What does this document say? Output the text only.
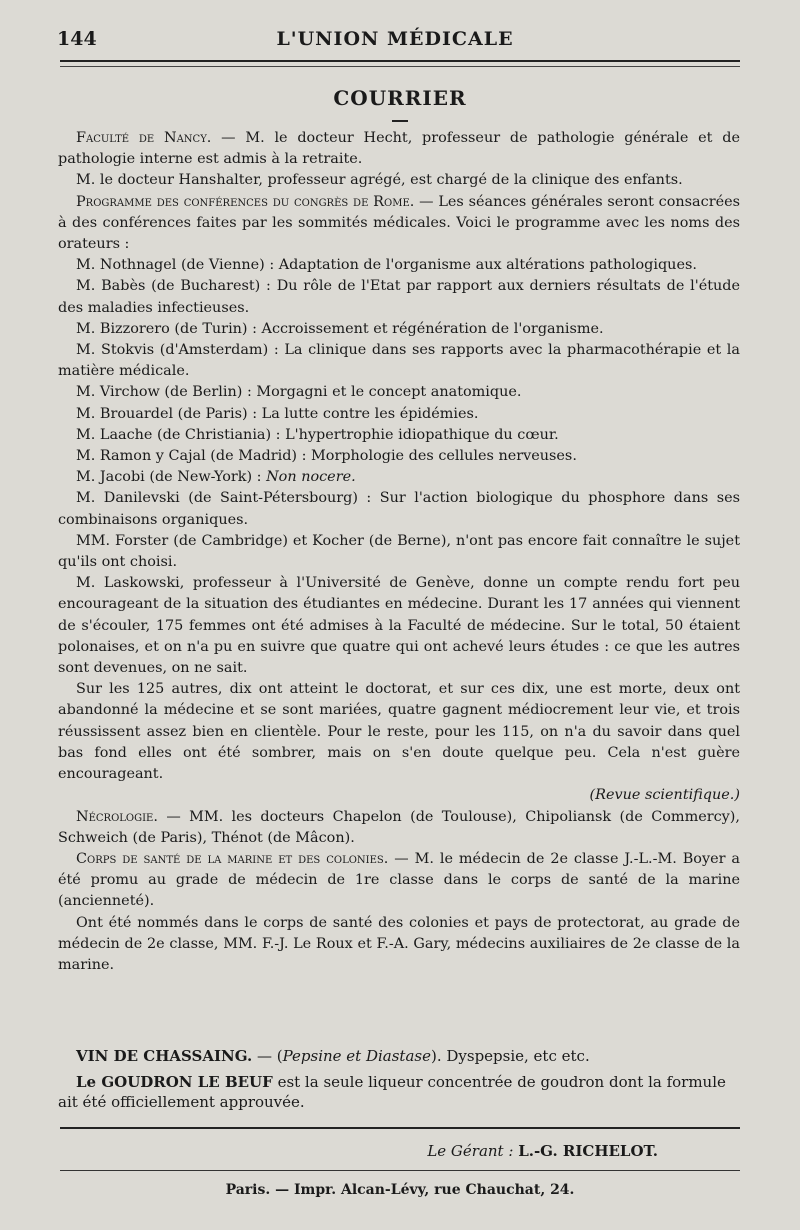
144	L'UNION MÉDICALE
COURRIER

Faculté de Nancy. — M. le docteur Hecht, professeur de pathologie générale et de pathologie interne est admis à la retraite.

M. le docteur Hanshalter, professeur agrégé, est chargé de la clinique des enfants.

Programme des conférences du congrès de Rome. — Les séances générales seront consacrées à des conférences faites par les sommités médicales. Voici le programme avec les noms des orateurs :

M. Nothnagel (de Vienne) : Adaptation de l'organisme aux altérations pathologiques.

M. Babès (de Bucharest) : Du rôle de l'Etat par rapport aux derniers résultats de l'étude des maladies infectieuses.

M. Bizzorero (de Turin) : Accroissement et régénération de l'organisme.

M. Stokvis (d'Amsterdam) : La clinique dans ses rapports avec la pharmacothérapie et la matière médicale.

M. Virchow (de Berlin) : Morgagni et le concept anatomique.

M. Brouardel (de Paris) : La lutte contre les épidémies.

M. Laache (de Christiania) : L'hypertrophie idiopathique du cœur.

M. Ramon y Cajal (de Madrid) : Morphologie des cellules nerveuses.

M. Jacobi (de New-York) : Non nocere.

M. Danilevski (de Saint-Pétersbourg) : Sur l'action biologique du phosphore dans ses combinaisons organiques.

MM. Forster (de Cambridge) et Kocher (de Berne), n'ont pas encore fait connaître le sujet qu'ils ont choisi.

M. Laskowski, professeur à l'Université de Genève, donne un compte rendu fort peu encourageant de la situation des étudiantes en médecine. Durant les 17 années qui viennent de s'écouler, 175 femmes ont été admises à la Faculté de médecine. Sur le total, 50 étaient polonaises, et on n'a pu en suivre que quatre qui ont achevé leurs études : ce que les autres sont devenues, on ne sait.

Sur les 125 autres, dix ont atteint le doctorat, et sur ces dix, une est morte, deux ont abandonné la médecine et se sont mariées, quatre gagnent médiocrement leur vie, et trois réussissent assez bien en clientèle. Pour le reste, pour les 115, on n'a du savoir dans quel bas fond elles ont été sombrer, mais on s'en doute quelque peu. Cela n'est guère encourageant.

(Revue scientifique.)

Nécrologie. — MM. les docteurs Chapelon (de Toulouse), Chipoliansk (de Commercy), Schweich (de Paris), Thénot (de Mâcon).

Corps de santé de la marine et des colonies. — M. le médecin de 2e classe J.-L.-M. Boyer a été promu au grade de médecin de 1re classe dans le corps de santé de la marine (ancienneté).

Ont été nommés dans le corps de santé des colonies et pays de protectorat, au grade de médecin de 2e classe, MM. F.-J. Le Roux et F.-A. Gary, médecins auxiliaires de 2e classe de la marine.

VIN DE CHASSAING. — (Pepsine et Diastase). Dyspepsie, etc etc.

Le GOUDRON LE BEUF est la seule liqueur concentrée de goudron dont la formule ait été officiellement approuvée.

Le Gérant : L.-G. RICHELOT.
Paris. — Impr. Alcan-Lévy, rue Chauchat, 24.
